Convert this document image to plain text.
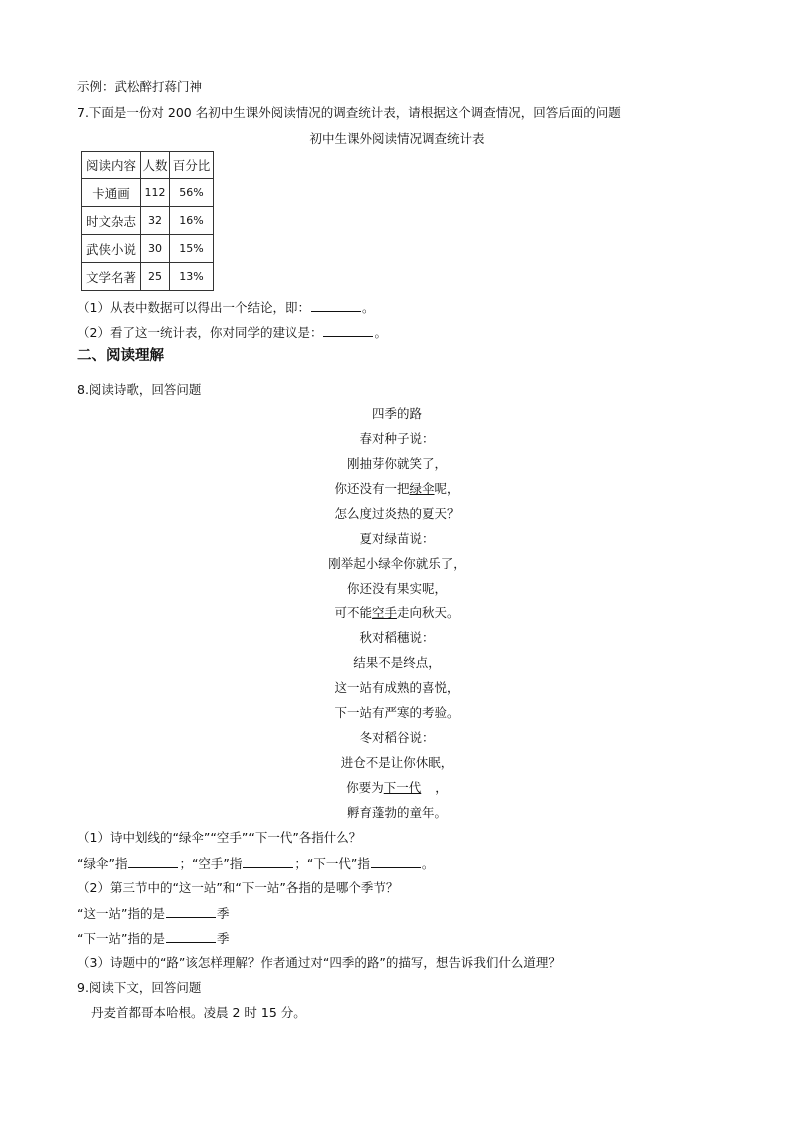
示例：武松醉打蒋门神
7.下面是一份对 200 名初中生课外阅读情况的调查统计表，请根据这个调查情况，回答后面的问题
初中生课外阅读情况调查统计表
阅读内容	人数	百分比
卡通画	112	56%
时文杂志	32	16%
武侠小说	30	15%
文学名著	25	13%
（1）从表中数据可以得出一个结论，即：	。
（2）看了这一统计表，你对同学的建议是：	。
二、阅读理解
8.阅读诗歌，回答问题
四季的路
春对种子说：
刚抽芽你就笑了，
你还没有一把绿伞呢，
怎么度过炎热的夏天？
夏对绿苗说：
刚举起小绿伞你就乐了，
你还没有果实呢，
可不能空手走向秋天。
秋对稻穗说：
结果不是终点，
这一站有成熟的喜悦，
下一站有严寒的考验。
冬对稻谷说：
进仓不是让你休眠，
你要为下一代 ，
孵育蓬勃的童年。
（1）诗中划线的“绿伞”“空手”“下一代”各指什么？
“绿伞”指	；“空手”指	；“下一代”指	。
（2）第三节中的“这一站”和“下一站”各指的是哪个季节？
“这一站”指的是	季
“下一站”指的是	季
（3）诗题中的“路”该怎样理解？作者通过对“四季的路”的描写，想告诉我们什么道理？
9.阅读下文，回答问题
丹麦首都哥本哈根。凌晨 2 时 15 分。
